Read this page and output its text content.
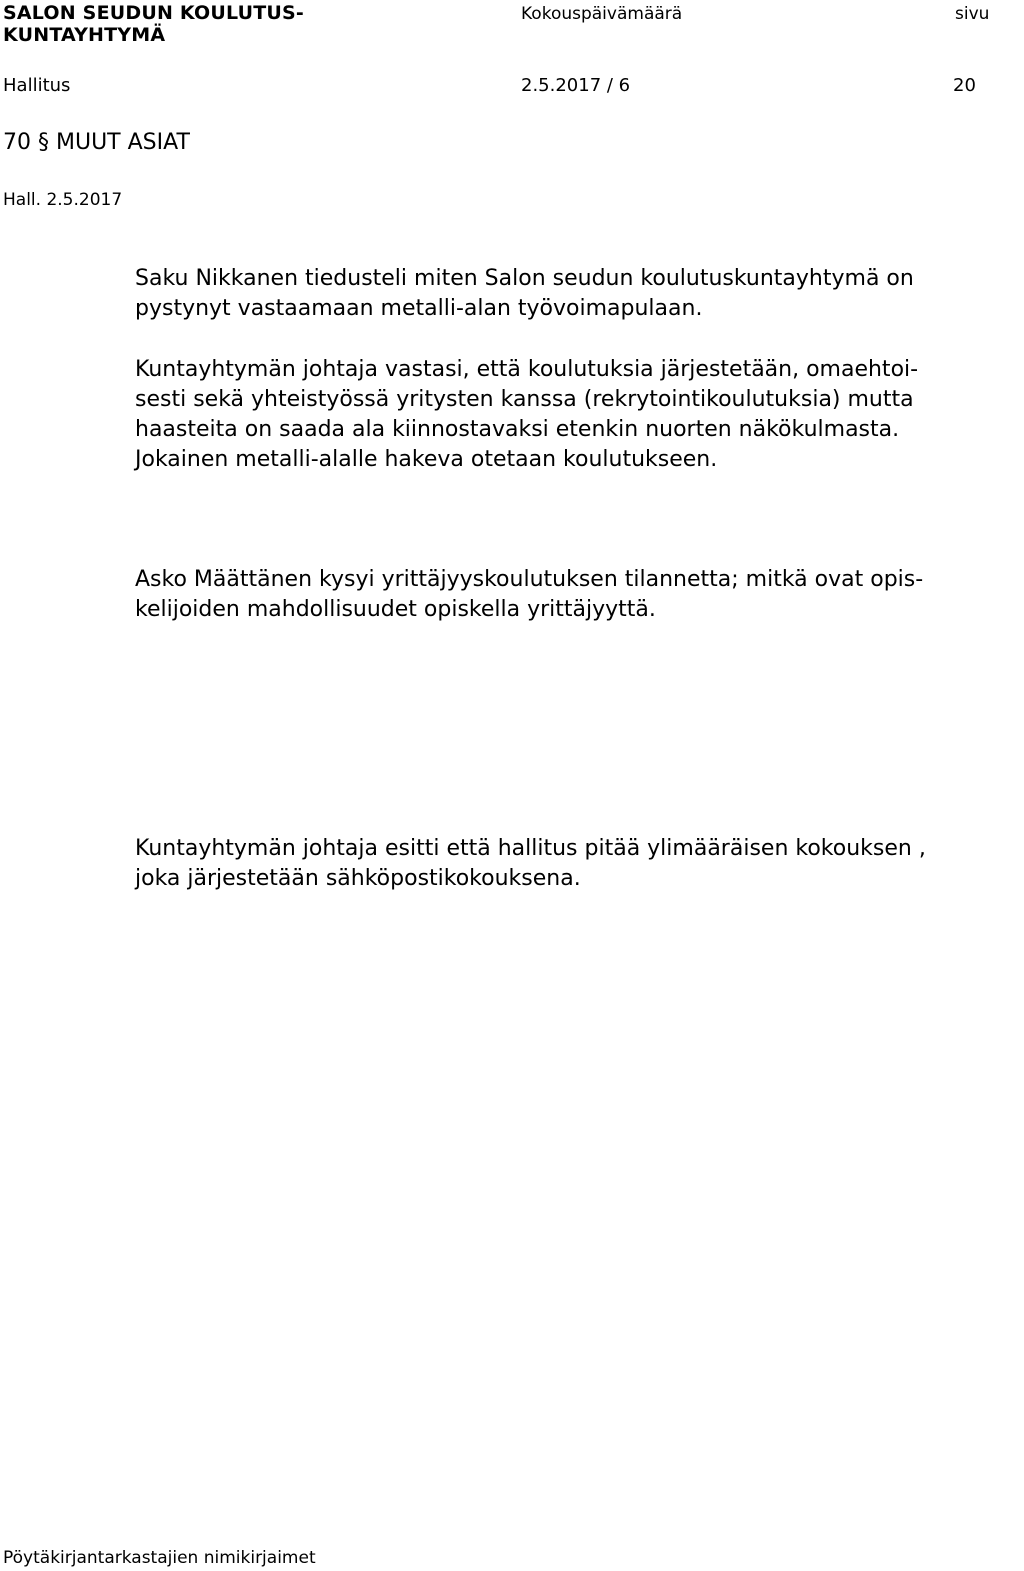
SALON SEUDUN KOULUTUS-
KUNTAYHTYMÄ
Kokouspäivämäärä	sivu
Hallitus	2.5.2017 / 6	20
70 § MUUT ASIAT
Hall. 2.5.2017
Saku Nikkanen tiedusteli miten Salon seudun koulutuskuntayhtymä on
pystynyt vastaamaan metalli-alan työvoimapulaan.
Kuntayhtymän johtaja vastasi, että koulutuksia järjestetään, omaehtoi-
sesti sekä yhteistyössä yritysten kanssa (rekrytointikoulutuksia) mutta
haasteita on saada ala kiinnostavaksi etenkin nuorten näkökulmasta.
Jokainen metalli-alalle hakeva otetaan koulutukseen.
Asko Määttänen kysyi yrittäjyyskoulutuksen tilannetta; mitkä ovat opis-
kelijoiden mahdollisuudet opiskella yrittäjyyttä.
Kuntayhtymän johtaja esitti että hallitus pitää ylimääräisen kokouksen ,
joka järjestetään sähköpostikokouksena.
Pöytäkirjantarkastajien nimikirjaimet
